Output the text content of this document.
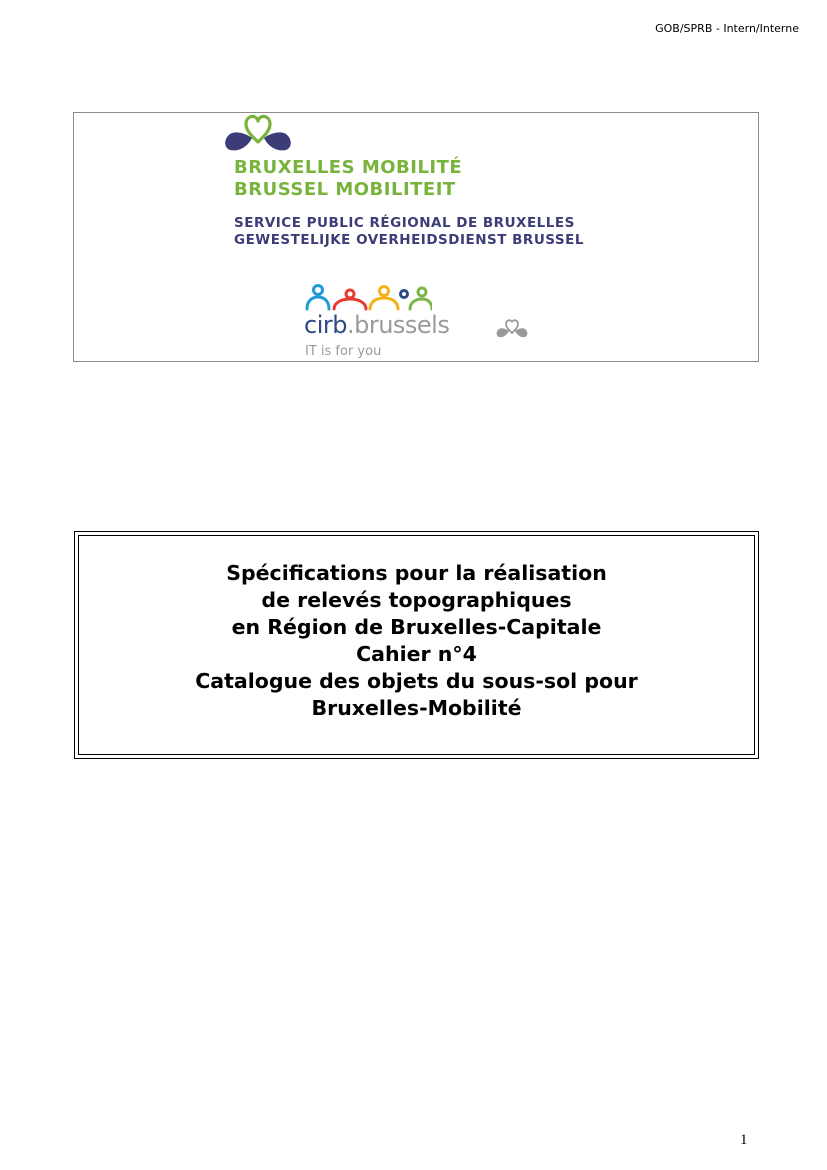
GOB/SPRB - Intern/Interne
BRUXELLES MOBILITÉ
BRUSSEL MOBILITEIT
SERVICE PUBLIC RÉGIONAL DE BRUXELLES
GEWESTELIJKE OVERHEIDSDIENST BRUSSEL
cirb.brussels
IT is for you
Spécifications pour la réalisation
de relevés topographiques
en Région de Bruxelles-Capitale
Cahier n°4
Catalogue des objets du sous-sol pour
Bruxelles-Mobilité
1
